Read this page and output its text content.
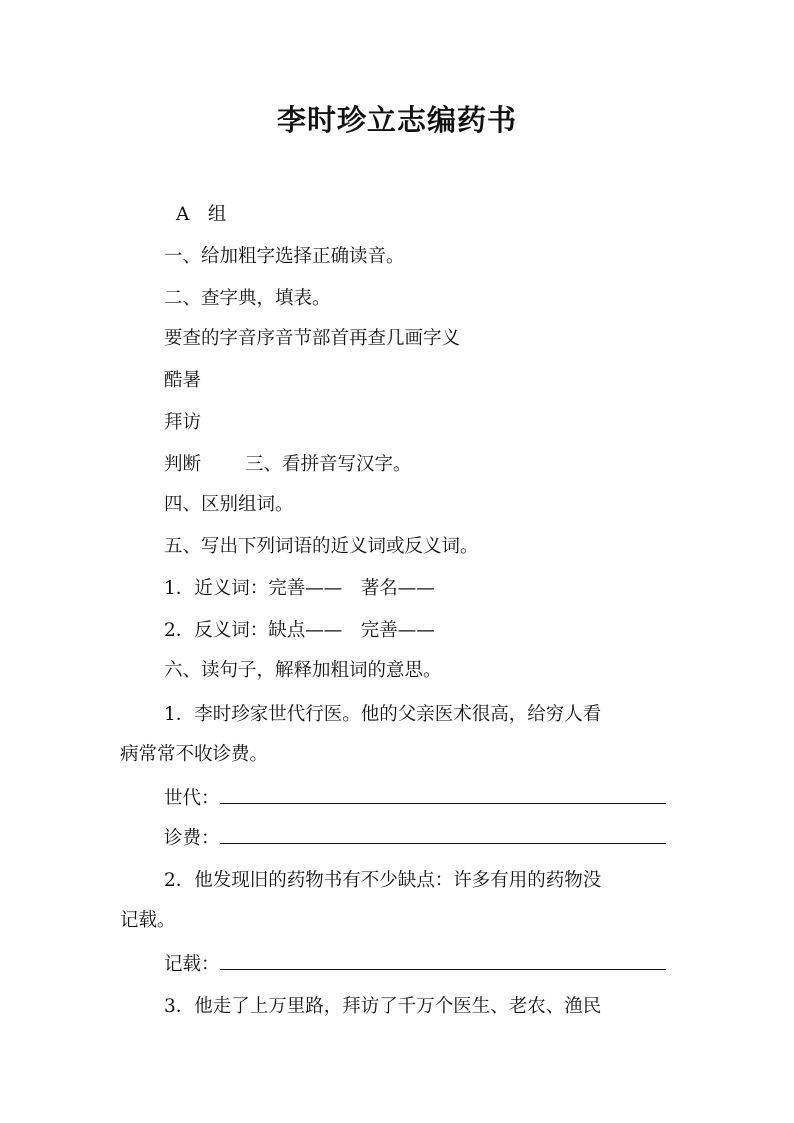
李时珍立志编药书
A　组
一、给加粗字选择正确读音。
二、查字典，填表。
要查的字音序音节部首再查几画字义
酷暑
拜访
判断 三、看拼音写汉字。
四、区别组词。
五、写出下列词语的近义词或反义词。
1．近义词：完善——　著名——
2．反义词：缺点——　完善——
六、读句子，解释加粗词的意思。
1．李时珍家世代行医。他的父亲医术很高，给穷人看
病常常不收诊费。
世代：
诊费：
2．他发现旧的药物书有不少缺点：许多有用的药物没
记载。
记载：
3．他走了上万里路，拜访了千万个医生、老农、渔民
